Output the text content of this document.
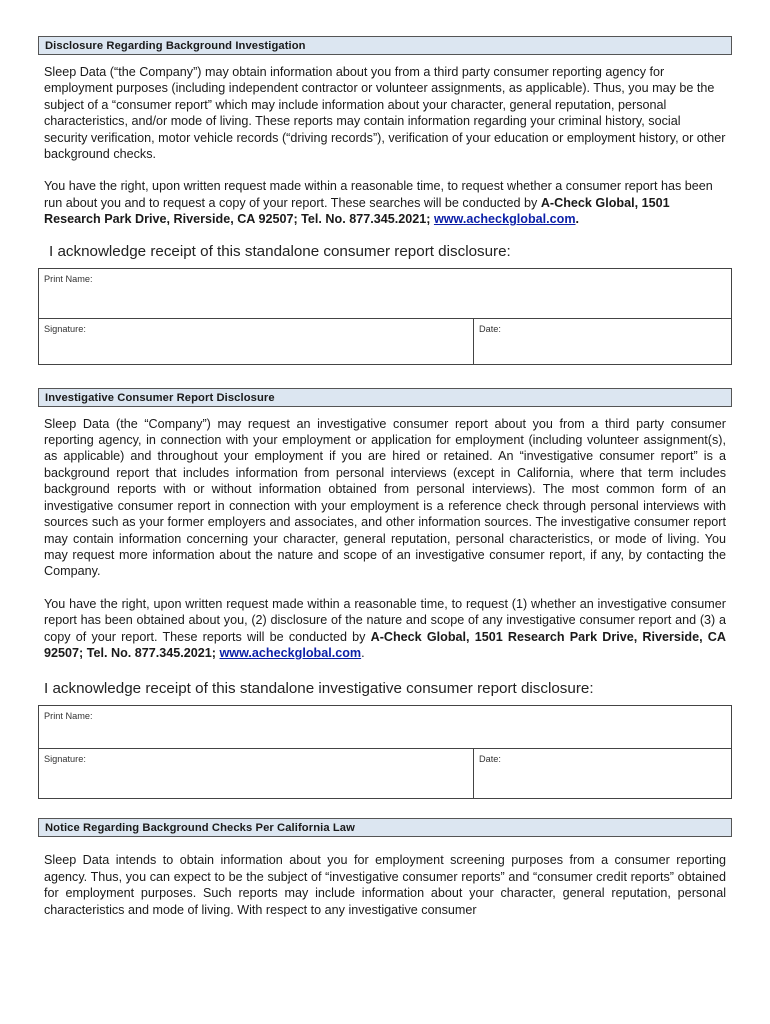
Disclosure Regarding Background Investigation

Sleep Data (“the Company”) may obtain information about you from a third party consumer reporting agency for employment purposes (including independent contractor or volunteer assignments, as applicable). Thus, you may be the subject of a “consumer report” which may include information about your character, general reputation, personal characteristics, and/or mode of living. These reports may contain information regarding your criminal history, social security verification, motor vehicle records (“driving records”), verification of your education or employment history, or other background checks.

You have the right, upon written request made within a reasonable time, to request whether a consumer report has been run about you and to request a copy of your report. These searches will be conducted by A-Check Global, 1501 Research Park Drive, Riverside, CA 92507; Tel. No. 877.345.2021; www.acheckglobal.com.

I acknowledge receipt of this standalone consumer report disclosure:

Print Name:
Signature:	Date:
Investigative Consumer Report Disclosure

Sleep Data (the “Company”) may request an investigative consumer report about you from a third party consumer reporting agency, in connection with your employment or application for employment (including volunteer assignment(s), as applicable) and throughout your employment if you are hired or retained. An “investigative consumer report” is a background report that includes information from personal interviews (except in California, where that term includes background reports with or without information obtained from personal interviews). The most common form of an investigative consumer report in connection with your employment is a reference check through personal interviews with sources such as your former employers and associates, and other information sources. The investigative consumer report may contain information concerning your character, general reputation, personal characteristics, or mode of living. You may request more information about the nature and scope of an investigative consumer report, if any, by contacting the Company.

You have the right, upon written request made within a reasonable time, to request (1) whether an investigative consumer report has been obtained about you, (2) disclosure of the nature and scope of any investigative consumer report and (3) a copy of your report. These reports will be conducted by A-Check Global, 1501 Research Park Drive, Riverside, CA 92507; Tel. No. 877.345.2021; www.acheckglobal.com.

I acknowledge receipt of this standalone investigative consumer report disclosure:

Print Name:
Signature:	Date:
Notice Regarding Background Checks Per California Law

Sleep Data intends to obtain information about you for employment screening purposes from a consumer reporting agency. Thus, you can expect to be the subject of “investigative consumer reports” and “consumer credit reports” obtained for employment purposes. Such reports may include information about your character, general reputation, personal characteristics and mode of living. With respect to any investigative consumer
